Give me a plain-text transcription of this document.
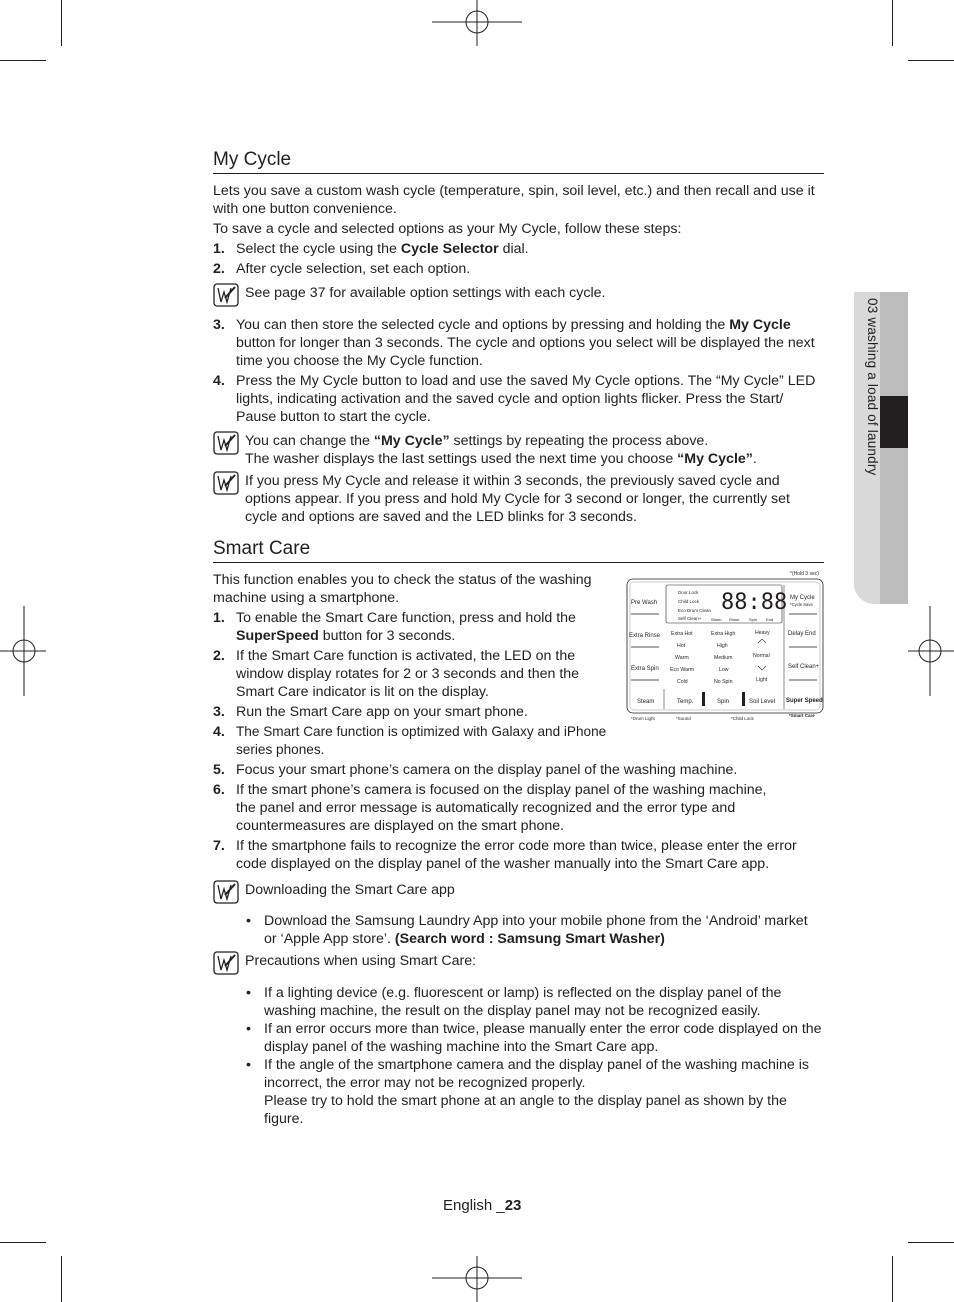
03 washing a load of laundry
My Cycle

Lets you save a custom wash cycle (temperature, spin, soil level, etc.) and then recall and use it with one button convenience.

To save a cycle and selected options as your My Cycle, follow these steps:

1. Select the cycle using the Cycle Selector dial.
2. After cycle selection, set each option.
See page 37 for available option settings with each cycle.
3. You can then store the selected cycle and options by pressing and holding the My Cycle button for longer than 3 seconds. The cycle and options you select will be displayed the next time you choose the My Cycle function.
4. Press the My Cycle button to load and use the saved My Cycle options. The “My Cycle” LED lights, indicating activation and the saved cycle and option lights flicker. Press the Start/ Pause button to start the cycle.
You can change the “My Cycle” settings by repeating the process above.
The washer displays the last settings used the next time you choose “My Cycle”.
If you press My Cycle and release it within 3 seconds, the previously saved cycle and options appear. If you press and hold My Cycle for 3 second or longer, the currently set cycle and options are saved and the LED blinks for 3 seconds.
Smart Care
*(Hold 3 sec)
Pre Wash
Extra Rinse
Extra Spin
Steam
Door Lock
Child Lock
Eco Drum Clean
Self Clean+
88:88
Warm Rinse Spin End
Extra Hot
Hot
Warm
Eco Warm
Cold
Extra High
High
Medium
Low
No Spin
Heavy
Normal
Light
Temp.	Spin	Soil Level
My Cycle
*Cycle Save
Delay End
Self Clean+
Super Speed
*Drum Light	*Sound	*Child Lock
*Smart Care

This function enables you to check the status of the washing machine using a smartphone.

1. To enable the Smart Care function, press and hold the SuperSpeed button for 3 seconds.
2. If the Smart Care function is activated, the LED on the window display rotates for 2 or 3 seconds and then the Smart Care indicator is lit on the display.
3. Run the Smart Care app on your smart phone.
4. The Smart Care function is optimized with Galaxy and iPhone series phones.
5. Focus your smart phone’s camera on the display panel of the washing machine.
6. If the smart phone’s camera is focused on the display panel of the washing machine, the panel and error message is automatically recognized and the error type and countermeasures are displayed on the smart phone.
7. If the smartphone fails to recognize the error code more than twice, please enter the error code displayed on the display panel of the washer manually into the Smart Care app.
Downloading the Smart Care app
• Download the Samsung Laundry App into your mobile phone from the ‘Android’ market or ‘Apple App store’. (Search word : Samsung Smart Washer)
Precautions when using Smart Care:
• If a lighting device (e.g. fluorescent or lamp) is reflected on the display panel of the washing machine, the result on the display panel may not be recognized easily.
• If an error occurs more than twice, please manually enter the error code displayed on the display panel of the washing machine into the Smart Care app.
• If the angle of the smartphone camera and the display panel of the washing machine is incorrect, the error may not be recognized properly.
Please try to hold the smart phone at an angle to the display panel as shown by the figure.
English _23
